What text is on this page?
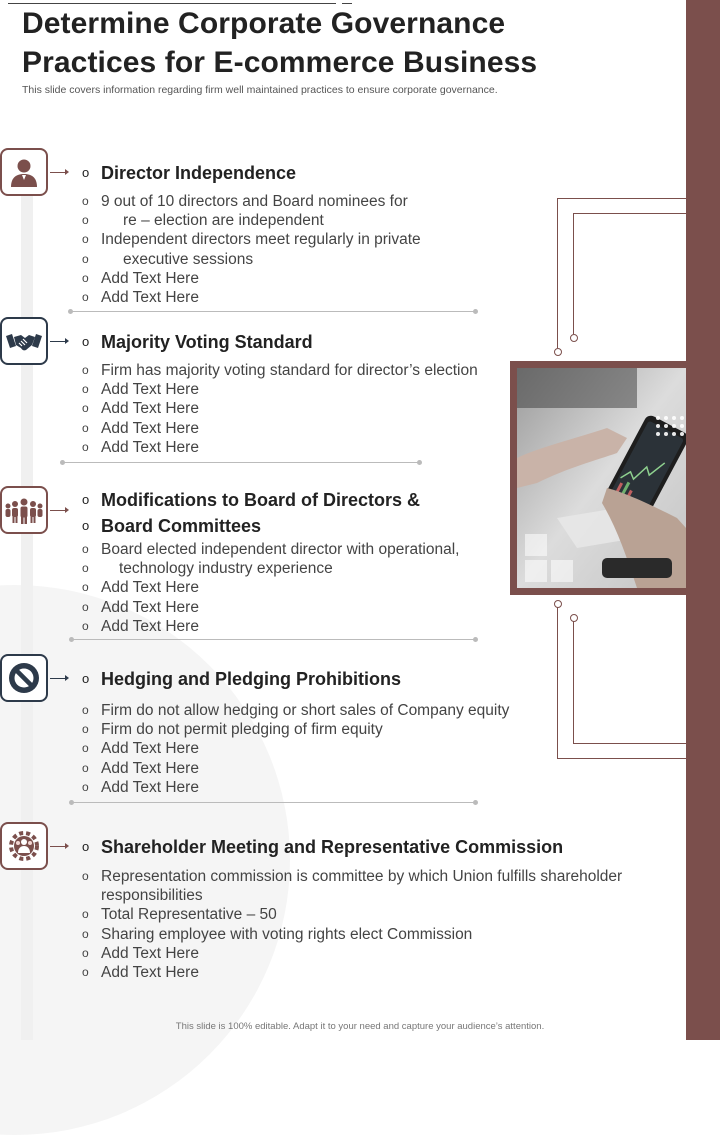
Determine Corporate Governance
Practices for E-commerce Business
This slide covers information regarding firm well maintained practices to ensure corporate governance.
o Director Independence
o 9 out of 10 directors and Board nominees for
o re – election are independent
o Independent directors meet regularly in private
o executive sessions
o Add Text Here
o Add Text Here
o Majority Voting Standard
o Firm has majority voting standard for director’s election
o Add Text Here
o Add Text Here
o Add Text Here
o Add Text Here
o Modifications to Board of Directors &
o Board Committees
o Board elected independent director with operational,
o technology industry experience
o Add Text Here
o Add Text Here
o Add Text Here
o Hedging and Pledging Prohibitions
o Firm do not allow hedging or short sales of Company equity
o Firm do not permit pledging of firm equity
o Add Text Here
o Add Text Here
o Add Text Here
o Shareholder Meeting and Representative Commission
o Representation commission is committee by which Union fulfills shareholder
responsibilities
o Total Representative – 50
o Sharing employee with voting rights elect Commission
o Add Text Here
o Add Text Here
This slide is 100% editable. Adapt it to your need and capture your audience’s attention.
